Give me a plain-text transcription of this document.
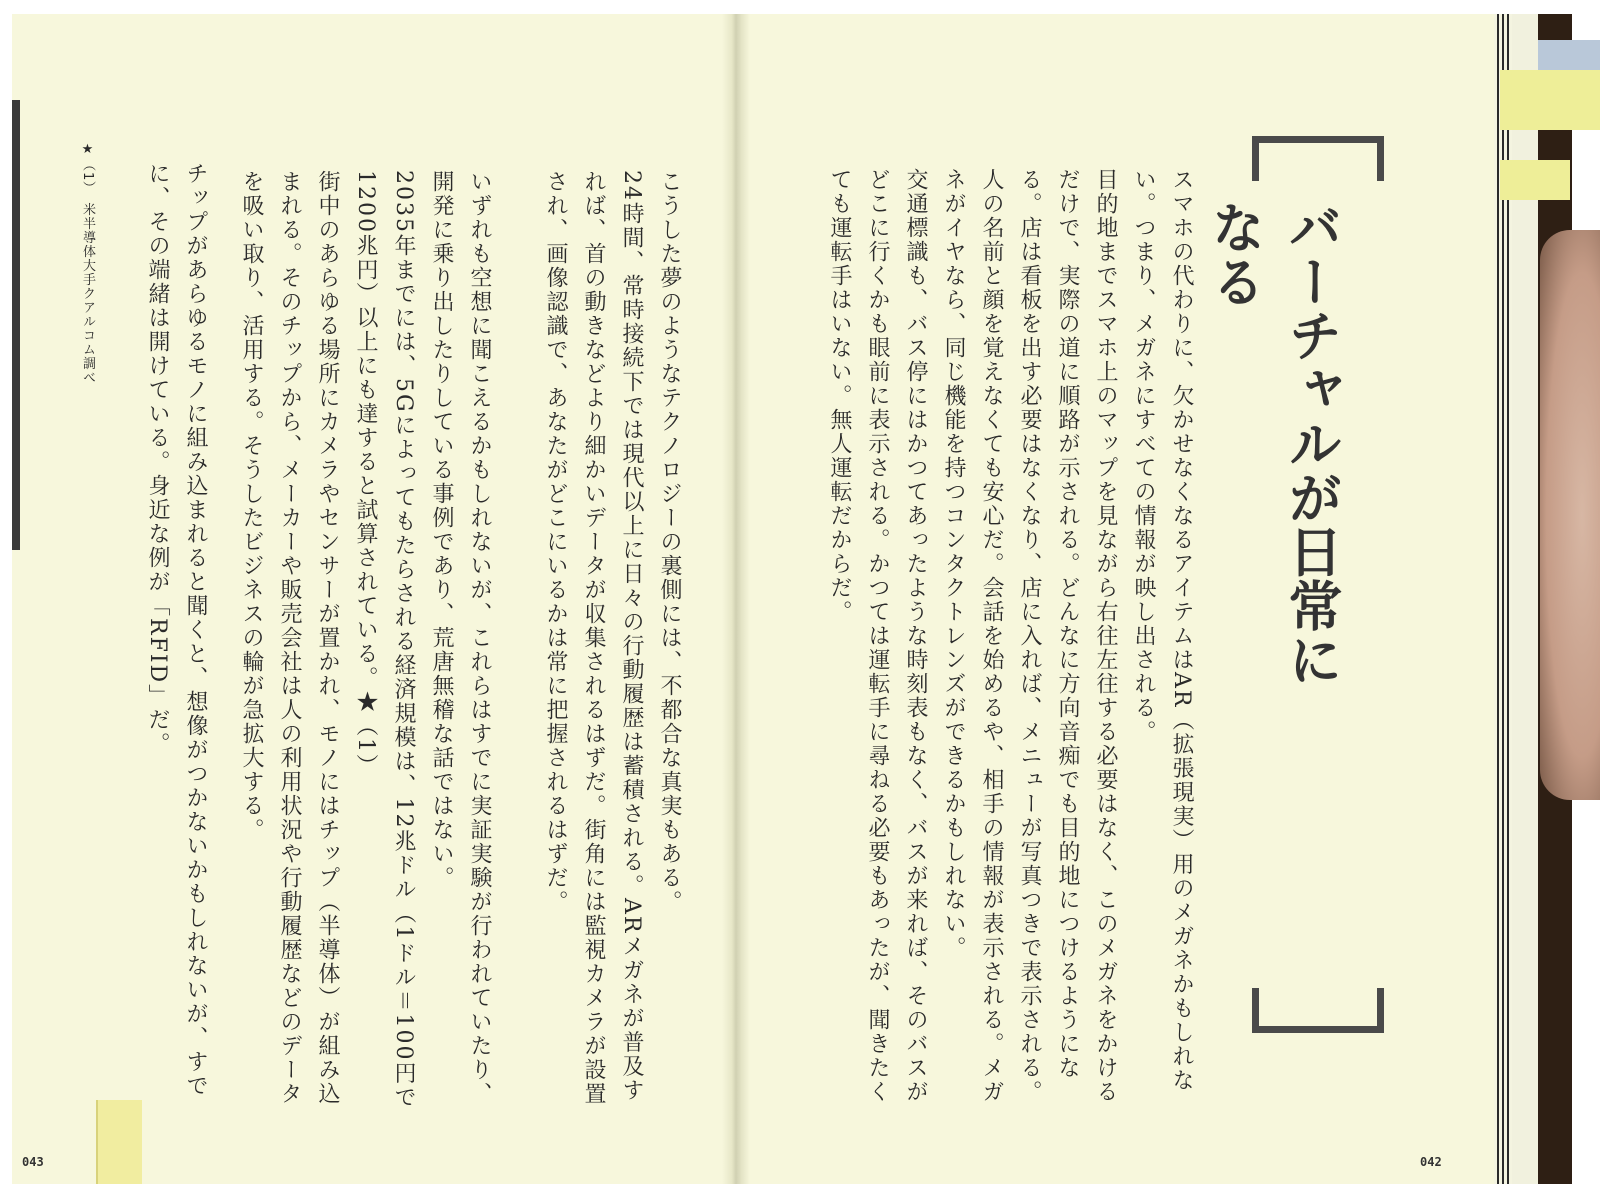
バーチャルが日常になる
スマホの代わりに、欠かせなくなるアイテムはAR（拡張現実）用のメガネかもしれない。つまり、メガネにすべての情報が映し出される。
目的地までスマホ上のマップを見ながら右往左往する必要はなく、このメガネをかけるだけで、実際の道に順路が示される。どんなに方向音痴でも目的地につけるようになる。店は看板を出す必要はなくなり、店に入れば、メニューが写真つきで表示される。人の名前と顔を覚えなくても安心だ。会話を始めるや、相手の情報が表示される。メガネがイヤなら、同じ機能を持つコンタクトレンズができるかもしれない。
交通標識も、バス停にはかつてあったような時刻表もなく、バスが来れば、そのバスがどこに行くかも眼前に表示される。かつては運転手に尋ねる必要もあったが、聞きたくても運転手はいない。無人運転だからだ。
こうした夢のようなテクノロジーの裏側には、不都合な真実もある。
24時間、常時接続下では現代以上に日々の行動履歴は蓄積される。ARメガネが普及すれば、首の動きなどより細かいデータが収集されるはずだ。街角には監視カメラが設置され、画像認識で、あなたがどこにいるかは常に把握されるはずだ。
いずれも空想に聞こえるかもしれないが、これらはすでに実証実験が行われていたり、開発に乗り出したりしている事例であり、荒唐無稽な話ではない。
2035年までには、5Gによってもたらされる経済規模は、12兆ドル（1ドル＝100円で1200兆円）以上にも達すると試算されている。★（1）
街中のあらゆる場所にカメラやセンサーが置かれ、モノにはチップ（半導体）が組み込まれる。そのチップから、メーカーや販売会社は人の利用状況や行動履歴などのデータを吸い取り、活用する。そうしたビジネスの輪が急拡大する。
チップがあらゆるモノに組み込まれると聞くと、想像がつかないかもしれないが、すでに、その端緒は開けている。身近な例が「RFID」だ。
★（1）　米半導体大手クアルコム調べ
043	042
